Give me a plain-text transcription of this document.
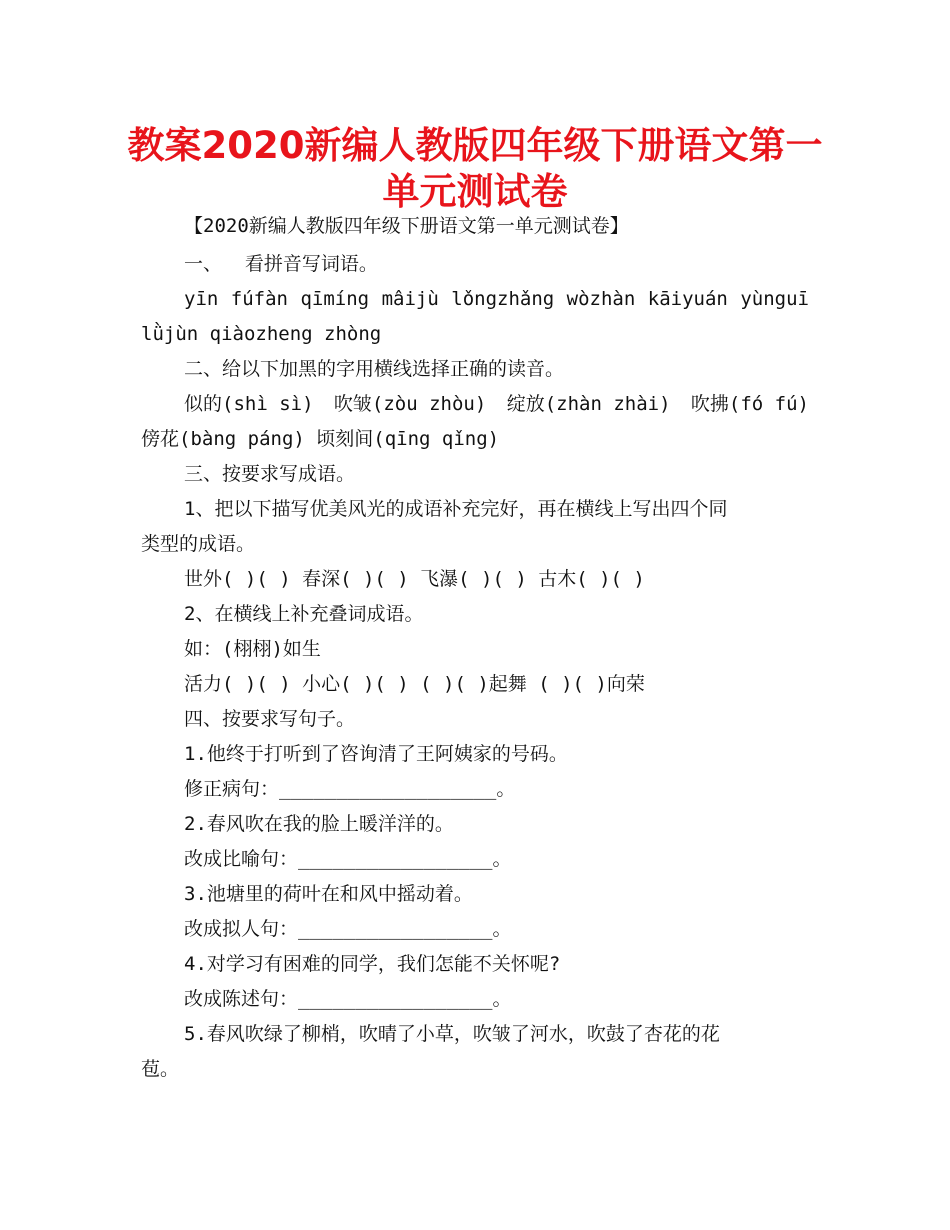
教案2020新编人教版四年级下册语文第一
单元测试卷
【2020新编人教版四年级下册语文第一单元测试卷】
一、  看拼音写词语。
yīn fúfàn qīmíng mâijù lǒngzhǎng wòzhàn kāiyuán yùnguī
lǜjùn qiàozheng zhòng
二、给以下加黑的字用横线选择正确的读音。
似的(shì sì) 吹皱(zòu zhòu) 绽放(zhàn zhài) 吹拂(fó fú)
傍花(bàng páng) 顷刻间(qīng qǐng)
三、按要求写成语。
1、把以下描写优美风光的成语补充完好，再在横线上写出四个同
类型的成语。
世外( )( ) 春深( )( ) 飞瀑( )( ) 古木( )( )
2、在横线上补充叠词成语。
如：(栩栩)如生
活力( )( ) 小心( )( ) ( )( )起舞 ( )( )向荣
四、按要求写句子。
1.他终于打听到了咨询清了王阿姨家的号码。
修正病句：___________________。
2.春风吹在我的脸上暖洋洋的。
改成比喻句：_________________。
3.池塘里的荷叶在和风中摇动着。
改成拟人句：_________________。
4.对学习有困难的同学，我们怎能不关怀呢?
改成陈述句：_________________。
5.春风吹绿了柳梢，吹晴了小草，吹皱了河水，吹鼓了杏花的花
苞。
